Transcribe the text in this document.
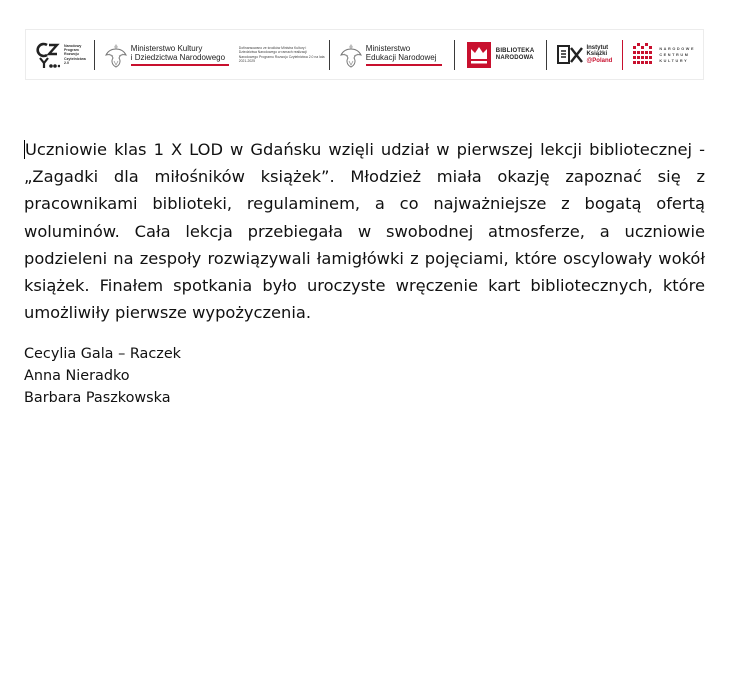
Narodowy
Program
Rozwoju
Czytelnictwa
2.0
Ministerstwo Kultury
i Dziedzictwa Narodowego
Dofinansowano ze środków Ministra Kultury i Dziedzictwa Narodowego w ramach realizacji Narodowego Programu Rozwoju Czytelnictwa 2.0 na lata 2021-2025
Ministerstwo
Edukacji Narodowej
BIBLIOTEKA
NARODOWA
Instytut
Książki
@Poland
NARODOWE
CENTRUM
KULTURY

Uczniowie klas 1 X LOD w Gdańsku wzięli udział w pierwszej lekcji bibliotecznej - „Zagadki dla miłośników książek”. Młodzież miała okazję zapoznać się z pracownikami biblioteki, regulaminem, a co najważniejsze z bogatą ofertą woluminów. Cała lekcja przebiegała w swobodnej atmosferze, a uczniowie podzieleni na zespoły rozwiązywali łamigłówki z pojęciami, które oscylowały wokół książek. Finałem spotkania było uroczyste wręczenie kart bibliotecznych, które umożliwiły pierwsze wypożyczenia.

Cecylia Gala – Raczek
Anna Nieradko
Barbara Paszkowska
